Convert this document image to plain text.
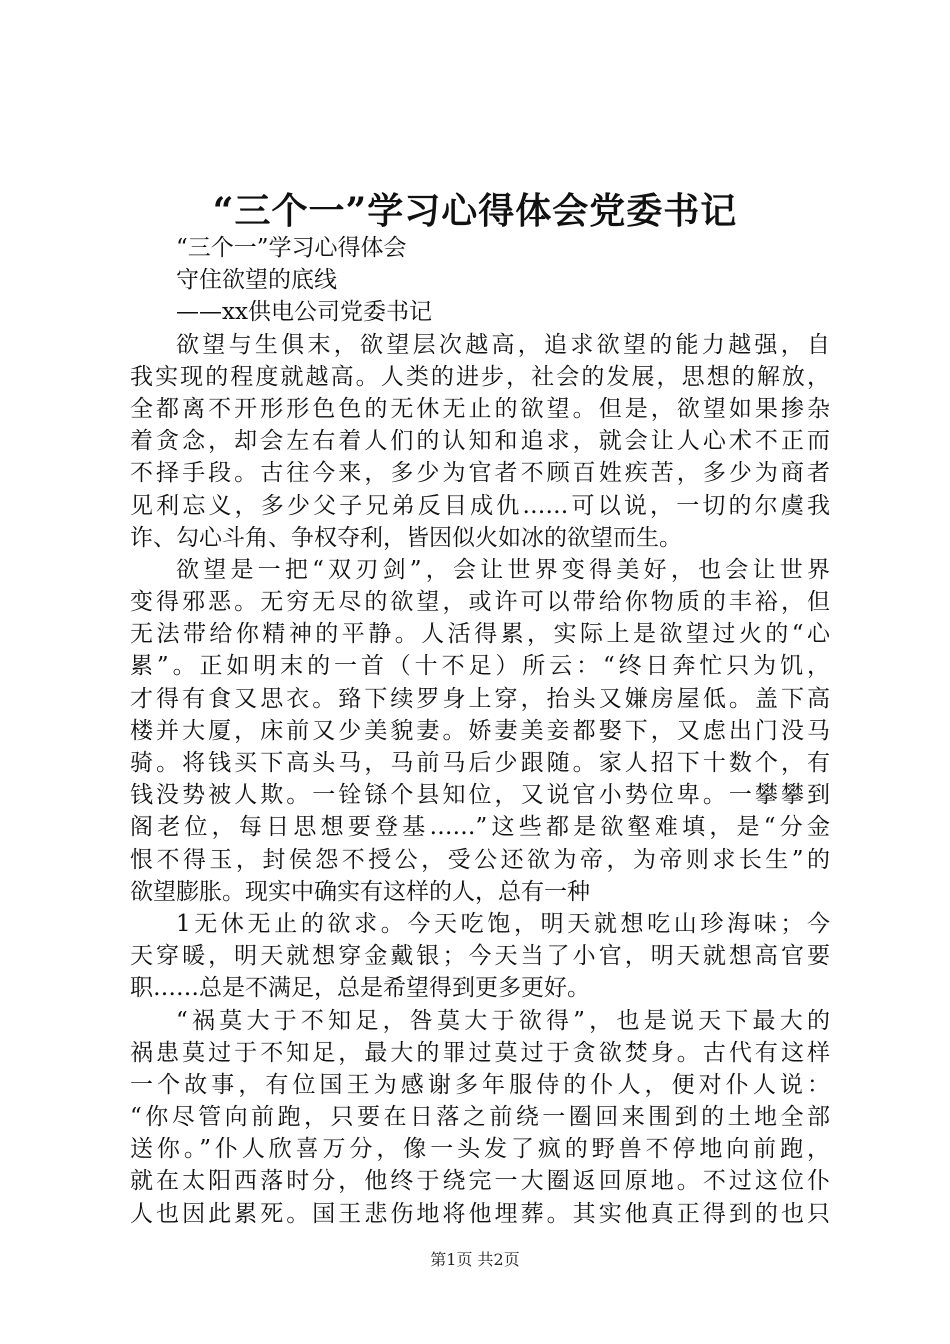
“三个一”学习心得体会党委书记
“三个一”学习心得体会
守住欲望的底线
——xx供电公司党委书记
欲望与生俱末，欲望层次越高，追求欲望的能力越强，自
我实现的程度就越高。人类的进步，社会的发展，思想的解放，
全都离不开形形色色的无休无止的欲望。但是，欲望如果掺杂
着贪念，却会左右着人们的认知和追求，就会让人心术不正而
不择手段。古往今来，多少为官者不顾百姓疾苦，多少为商者
见利忘义，多少父子兄弟反目成仇……可以说，一切的尔虞我
诈、勾心斗角、争权夺利，皆因似火如冰的欲望而生。
欲望是一把“双刃剑”，会让世界变得美好，也会让世界
变得邪恶。无穷无尽的欲望，或许可以带给你物质的丰裕，但
无法带给你精神的平静。人活得累，实际上是欲望过火的“心
累”。正如明末的一首（十不足）所云：“终日奔忙只为饥，
才得有食又思衣。臵下续罗身上穿，抬头又嫌房屋低。盖下高
楼并大厦，床前又少美貌妻。娇妻美妾都娶下，又虑出门没马
骑。将钱买下高头马，马前马后少跟随。家人招下十数个，有
钱没势被人欺。一铨铩个县知位，又说官小势位卑。一攀攀到
阁老位，每日思想要登基……”这些都是欲壑难填，是“分金
恨不得玉，封侯怨不授公，受公还欲为帝，为帝则求长生”的
欲望膨胀。现实中确实有这样的人，总有一种
1无休无止的欲求。今天吃饱，明天就想吃山珍海味；今
天穿暖，明天就想穿金戴银；今天当了小官，明天就想高官要
职……总是不满足，总是希望得到更多更好。
“祸莫大于不知足，咎莫大于欲得”，也是说天下最大的
祸患莫过于不知足，最大的罪过莫过于贪欲焚身。古代有这样
一个故事，有位国王为感谢多年服侍的仆人，便对仆人说：
“你尽管向前跑，只要在日落之前绕一圈回来围到的土地全部
送你。”仆人欣喜万分，像一头发了疯的野兽不停地向前跑，
就在太阳西落时分，他终于绕完一大圈返回原地。不过这位仆
人也因此累死。国王悲伤地将他埋葬。其实他真正得到的也只
第1页 共2页
